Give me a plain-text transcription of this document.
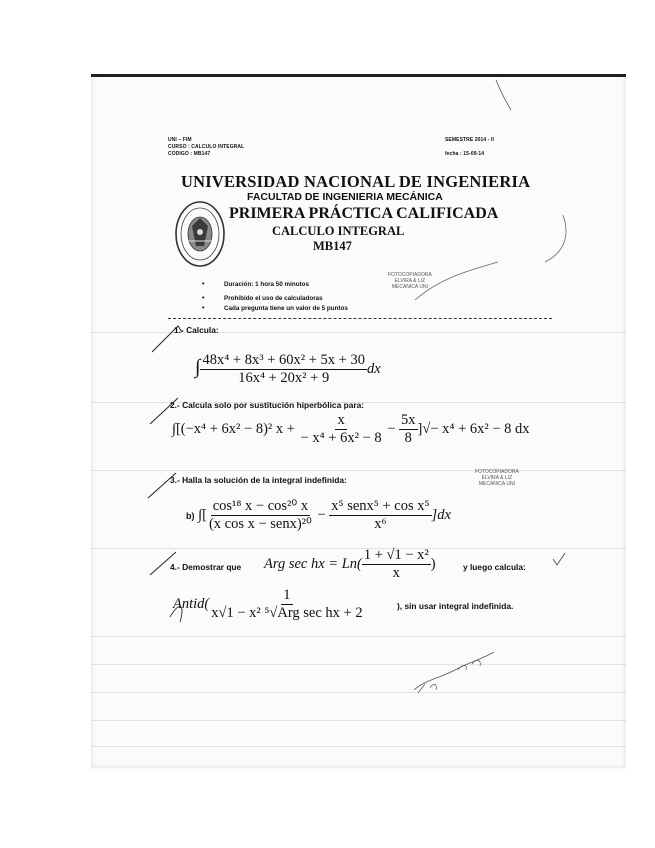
UNI – FIM
CURSO : CALCULO INTEGRAL
CODIGO : MB147
SEMESTRE 2014 - II
fecha : 15-09-14
UNIVERSIDAD NACIONAL DE INGENIERIA
FACULTAD DE INGENIERIA MECÁNICA
PRIMERA PRÁCTICA CALIFICADA
CALCULO INTEGRAL
MB147
• Duración: 1 hora 50 minutos
• Prohibido el uso de calculadoras
• Cada pregunta tiene un valor de 5 puntos
FOTOCOPIADORA
ELVIRA & LIZ
MECANICA UNI
1.- Calcula:
∫ $\frac{\text{48x⁴ + 8x³ + 60x² + 5x + 30}}{\text{16x⁴ + 20x² + 9}}$ dx
2.- Calcula solo por sustitución hiperbólica para:
∫[(−x⁴ + 6x² − 8)² $x + \frac{x}{\text{− x⁴ + 6x² − 8}} - \frac{5x}{8}$ ]√− x⁴ + 6x² − 8 dx
FOTOCOPIADORA
ELVIRA & LIZ
MECANICA UNI
3.- Halla la solución de la integral indefinida:
b) ∫[ $\frac{\text{cos¹⁸ x − cos²⁰ x}}{\text{(x cos x − senx)²⁰}} - \frac{\text{x⁵ senx⁵ + cos x⁵}}{\text{x⁶}} ]dx$
4.- Demostrar que Arg sec hx = $Ln( \frac{\text{1 + √1 − x²}}{x}$ )	y luego calcula:
Antid( $\frac{1}{\text{x√1 − x² ⁵√Arg sec hx + 2}}$	), sin usar integral indefinida.
